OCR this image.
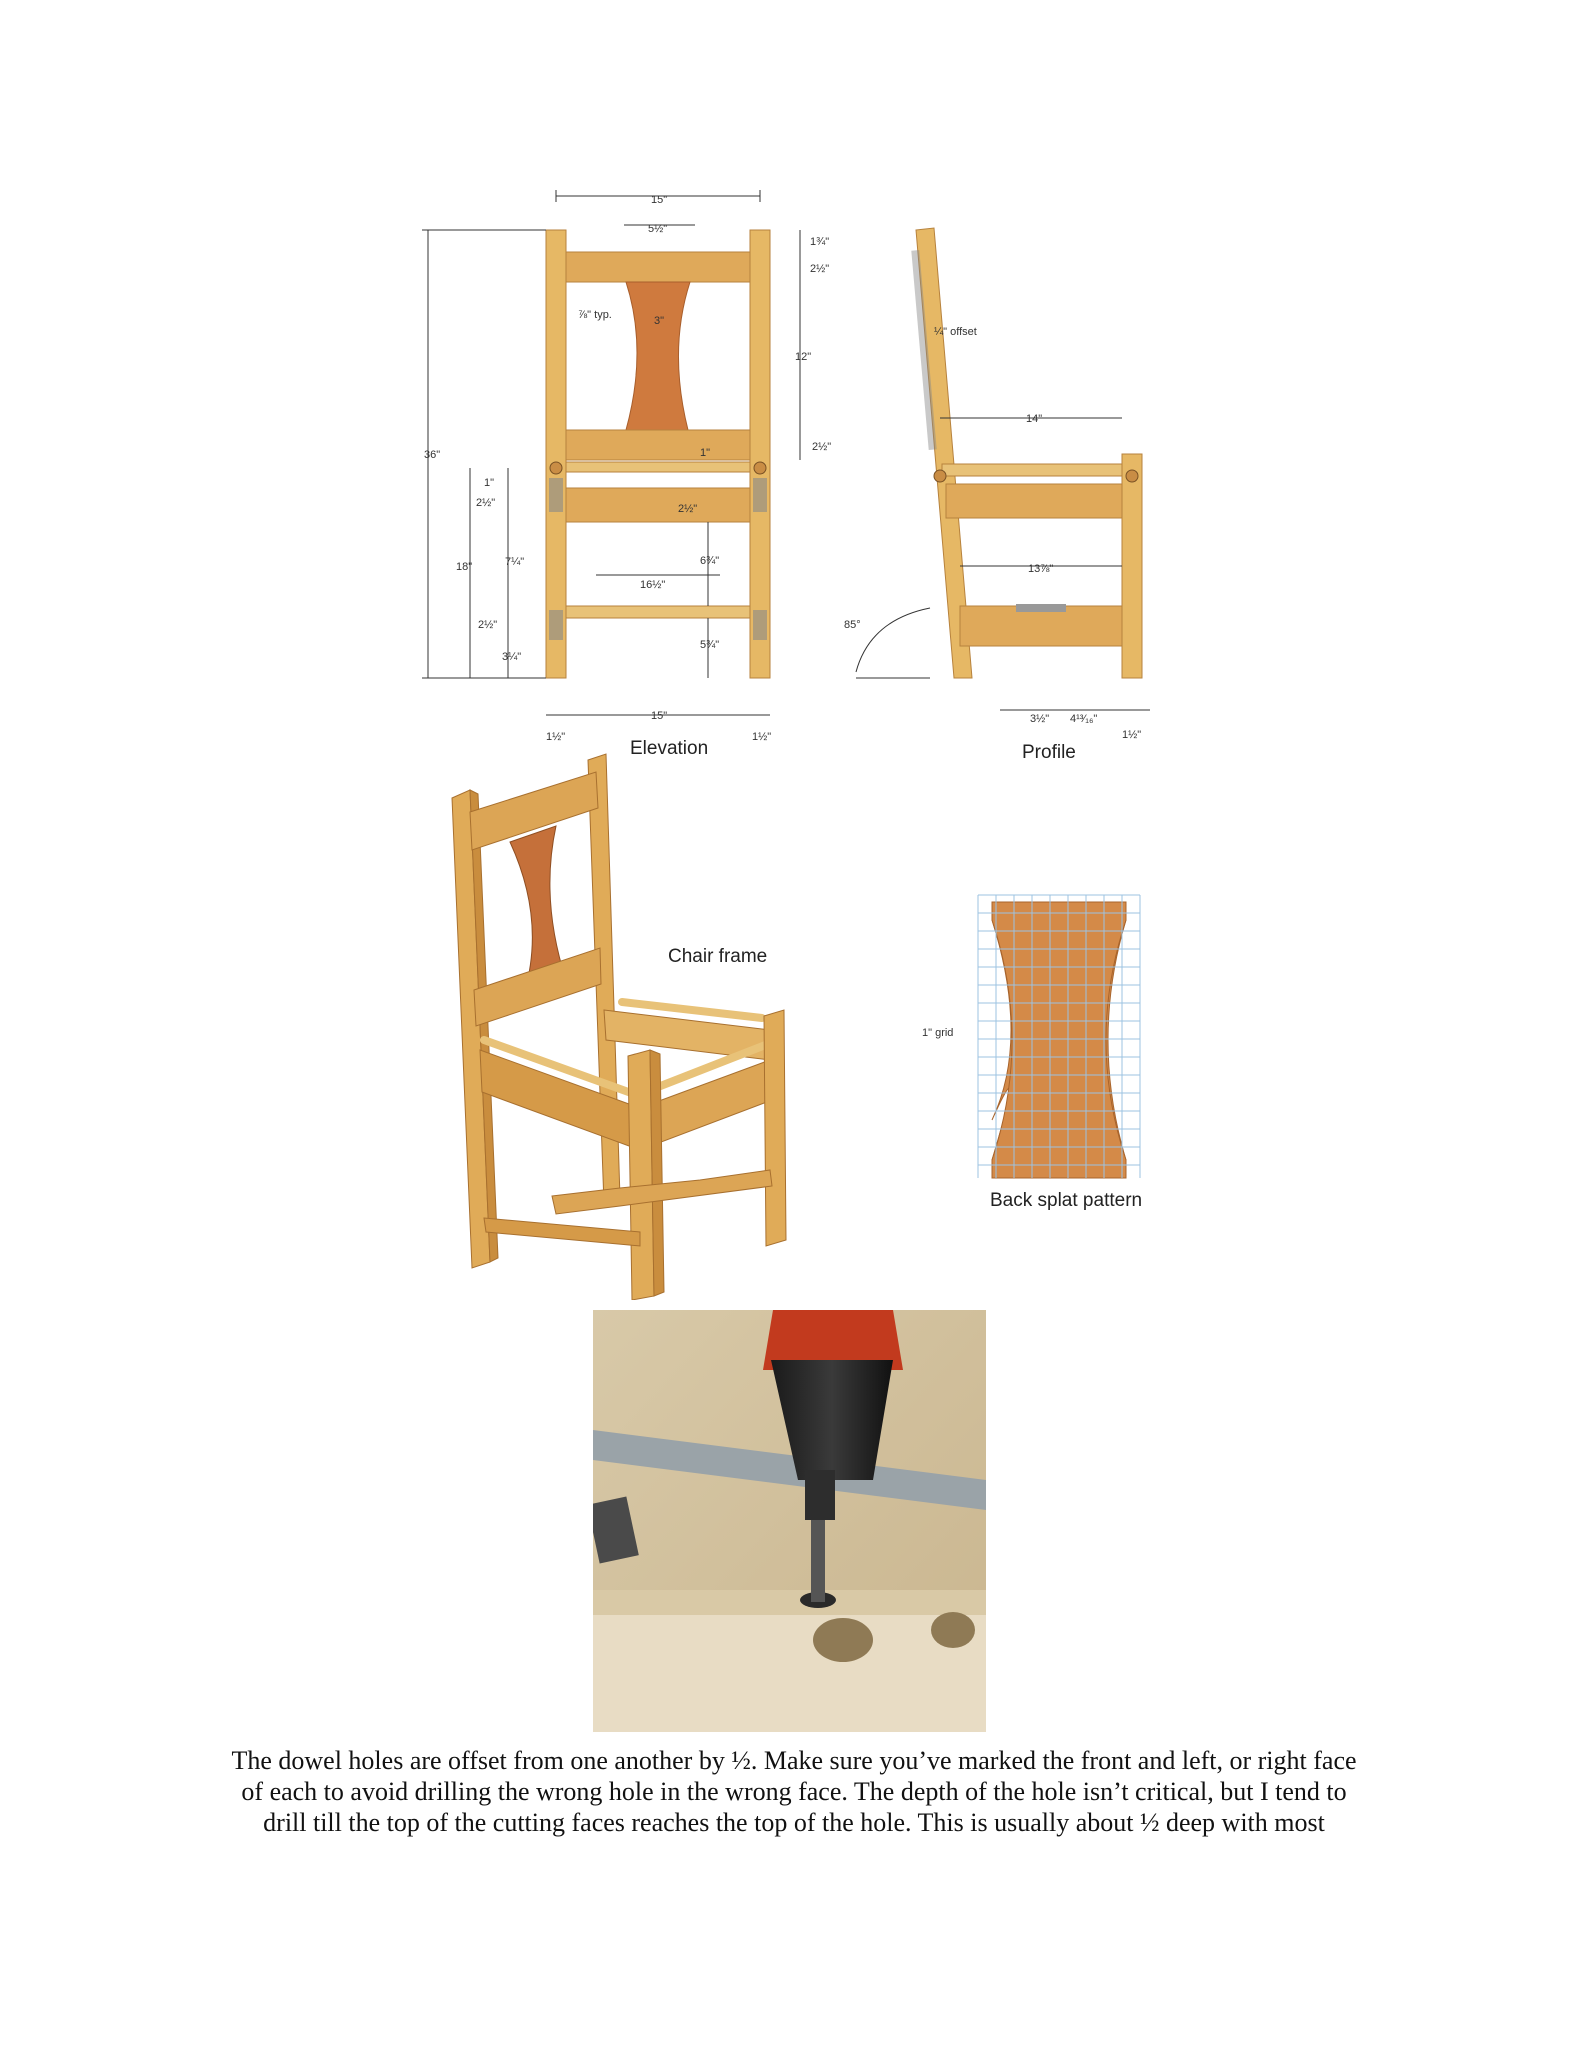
15"
5½"
1¾"
2½"
⅞" typ.	3"
12"
2½"
36"
1"
2½"
18"	7¼"
2½"
3¼"
1"
2½"
6¾"
16½"
5¾"
15"
1½"	1½"
Elevation
¼" offset
14"
13⅞"
85°
3½" 4¹³⁄₁₆"
1½"
Profile
Chair frame
1" grid
Back splat pattern

The dowel holes are offset from one another by ½. Make sure you’ve marked the front and left, or right face
of each to avoid drilling the wrong hole in the wrong face. The depth of the hole isn’t critical, but I tend to
drill till the top of the cutting faces reaches the top of the hole. This is usually about ½ deep with most
